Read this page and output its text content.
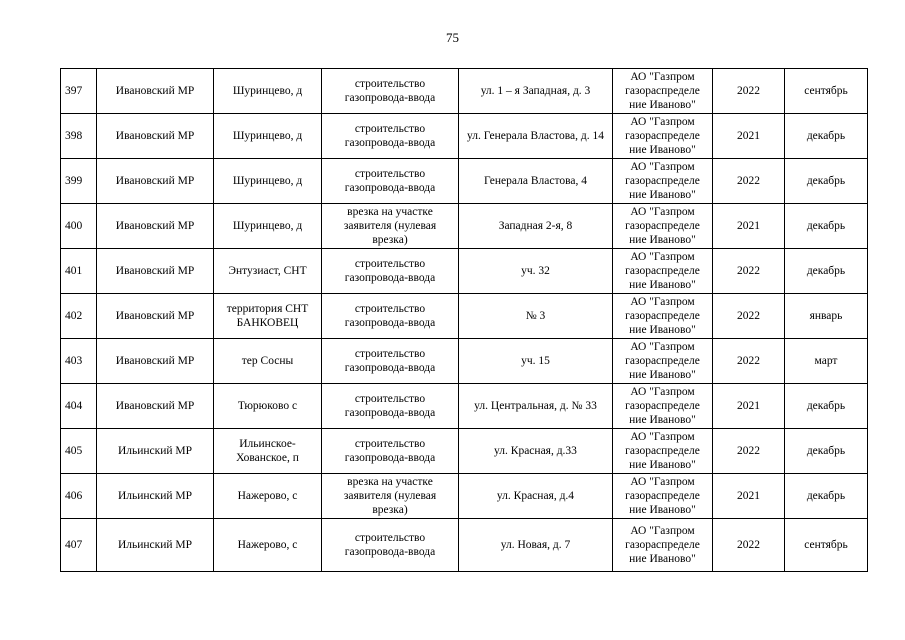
75
397	Ивановский МР	Шуринцево, д	строительство газопровода-ввода	ул. 1 – я Западная, д. 3	АО "Газпром газораспределе ние Иваново"	2022	сентябрь
398	Ивановский МР	Шуринцево, д	строительство газопровода-ввода	ул. Генерала Властова, д. 14	АО "Газпром газораспределе ние Иваново"	2021	декабрь
399	Ивановский МР	Шуринцево, д	строительство газопровода-ввода	Генерала Властова, 4	АО "Газпром газораспределе ние Иваново"	2022	декабрь
400	Ивановский МР	Шуринцево, д	врезка на участке заявителя (нулевая врезка)	Западная 2-я, 8	АО "Газпром газораспределе ние Иваново"	2021	декабрь
401	Ивановский МР	Энтузиаст, СНТ	строительство газопровода-ввода	уч. 32	АО "Газпром газораспределе ние Иваново"	2022	декабрь
402	Ивановский МР	территория СНТ БАНКОВЕЦ	строительство газопровода-ввода	№ 3	АО "Газпром газораспределе ние Иваново"	2022	январь
403	Ивановский МР	тер Сосны	строительство газопровода-ввода	уч. 15	АО "Газпром газораспределе ние Иваново"	2022	март
404	Ивановский МР	Тюрюково с	строительство газопровода-ввода	ул. Центральная, д. № 33	АО "Газпром газораспределе ние Иваново"	2021	декабрь
405	Ильинский МР	Ильинское-Хованское, п	строительство газопровода-ввода	ул. Красная, д.33	АО "Газпром газораспределе ние Иваново"	2022	декабрь
406	Ильинский МР	Нажерово, с	врезка на участке заявителя (нулевая врезка)	ул. Красная, д.4	АО "Газпром газораспределе ние Иваново"	2021	декабрь
407	Ильинский МР	Нажерово, с	строительство газопровода-ввода	ул. Новая, д. 7	АО "Газпром газораспределе ние Иваново"	2022	сентябрь
